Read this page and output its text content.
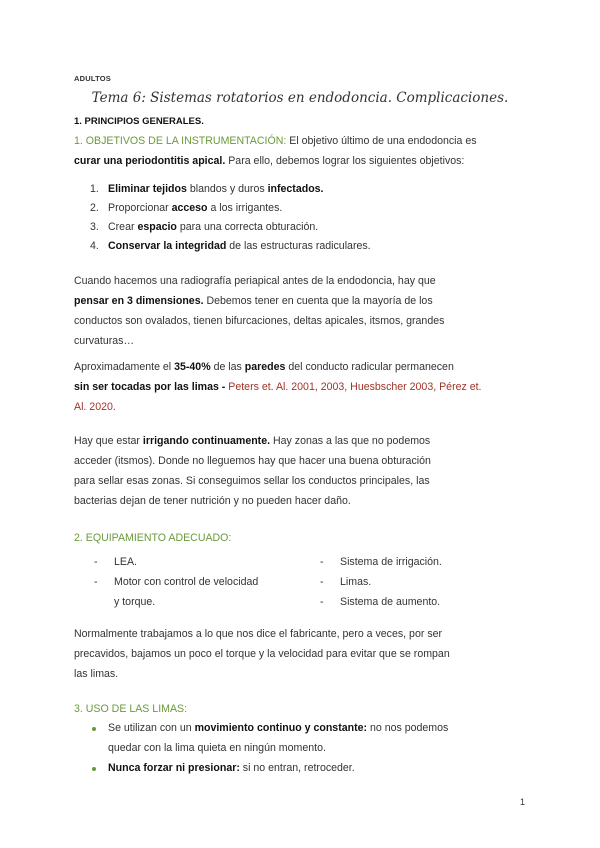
ADULTOS
Tema 6: Sistemas rotatorios en endodoncia. Complicaciones.
1. PRINCIPIOS GENERALES.
1. OBJETIVOS DE LA INSTRUMENTACIÓN: El objetivo último de una endodoncia es
curar una periodontitis apical. Para ello, debemos lograr los siguientes objetivos:
1. Eliminar tejidos blandos y duros infectados.
2. Proporcionar acceso a los irrigantes.
3. Crear espacio para una correcta obturación.
4. Conservar la integridad de las estructuras radiculares.
Cuando hacemos una radiografía periapical antes de la endodoncia, hay que
pensar en 3 dimensiones. Debemos tener en cuenta que la mayoría de los
conductos son ovalados, tienen bifurcaciones, deltas apicales, itsmos, grandes
curvaturas…
Aproximadamente el 35-40% de las paredes del conducto radicular permanecen
sin ser tocadas por las limas - Peters et. Al. 2001, 2003, Huesbscher 2003, Pérez et.
Al. 2020.
Hay que estar irrigando continuamente. Hay zonas a las que no podemos
acceder (itsmos). Donde no lleguemos hay que hacer una buena obturación
para sellar esas zonas. Si conseguimos sellar los conductos principales, las
bacterias dejan de tener nutrición y no pueden hacer daño.
2. EQUIPAMIENTO ADECUADO:
- LEA.
- Motor con control de velocidad
y torque.
- Sistema de irrigación.
- Limas.
- Sistema de aumento.
Normalmente trabajamos a lo que nos dice el fabricante, pero a veces, por ser
precavidos, bajamos un poco el torque y la velocidad para evitar que se rompan
las limas.
3. USO DE LAS LIMAS:
Se utilizan con un movimiento continuo y constante: no nos podemos
quedar con la lima quieta en ningún momento.
Nunca forzar ni presionar: si no entran, retroceder.
1
